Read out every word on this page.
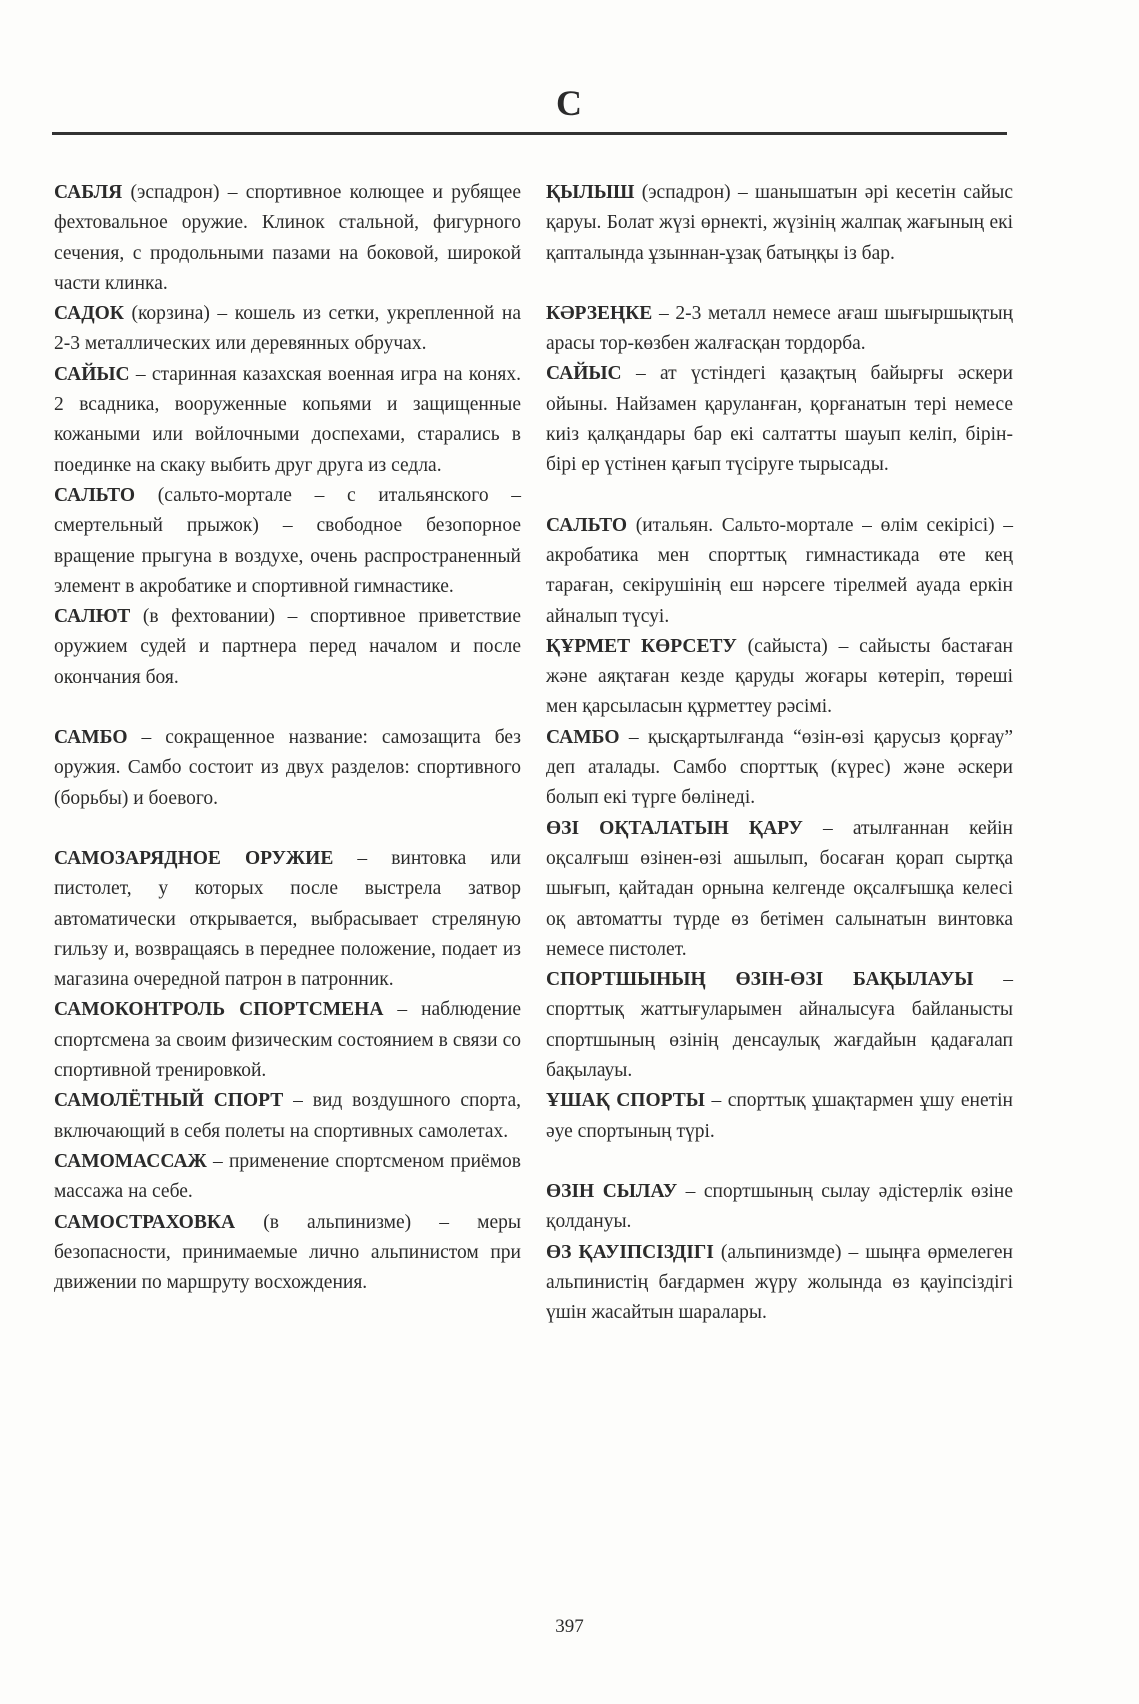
С

САБЛЯ (эспадрон) – спортивное колющее и рубящее фехтовальное оружие. Клинок стальной, фигурного сечения, с продольными пазами на боковой, широкой части клинка.

САДОК (корзина) – кошель из сетки, укрепленной на 2-3 металлических или деревянных обручах.

САЙЫС – старинная казахская военная игра на конях. 2 всадника, вооруженные копьями и защищенные кожаными или войлочными доспехами, старались в поединке на скаку выбить друг друга из седла.

САЛЬТО (сальто-мортале – с итальянского – смертельный прыжок) – свободное безопорное вращение прыгуна в воздухе, очень распространенный элемент в акробатике и спортивной гимнастике.

САЛЮТ (в фехтовании) – спортивное приветствие оружием судей и партнера перед началом и после окончания боя.

САМБО – сокращенное название: самозащита без оружия. Самбо состоит из двух разделов: спортивного (борьбы) и боевого.

САМОЗАРЯДНОЕ ОРУЖИЕ – винтовка или пистолет, у которых после выстрела затвор автоматически открывается, выбрасывает стреляную гильзу и, возвращаясь в переднее положение, подает из магазина очередной патрон в патронник.

САМОКОНТРОЛЬ СПОРТСМЕНА – наблюдение спортсмена за своим физическим состоянием в связи со спортивной тренировкой.

САМОЛЁТНЫЙ СПОРТ – вид воздушного спорта, включающий в себя полеты на спортивных самолетах.

САМОМАССАЖ – применение спортсменом приёмов массажа на себе.

САМОСТРАХОВКА (в альпинизме) – меры безопасности, принимаемые лично альпинистом при движении по маршруту восхождения.

ҚЫЛЫШ (эспадрон) – шанышатын әрі кесетін сайыс қаруы. Болат жүзі өрнекті, жүзінің жалпақ жағының екі қапталында ұзыннан-ұзақ батыңқы із бар.

КӘРЗЕҢКЕ – 2-3 металл немесе ағаш шығыршықтың арасы тор-көзбен жалғасқан тордорба.

САЙЫС – ат үстіндегі қазақтың байырғы әскери ойыны. Найзамен қаруланған, қорғанатын тері немесе киіз қалқандары бар екі салтатты шауып келіп, бірін-бірі ер үстінен қағып түсіруге тырысады.

САЛЬТО (итальян. Сальто-мортале – өлім секірісі) – акробатика мен спорттық гимнастикада өте кең тараған, секірушінің еш нәрсеге тірелмей ауада еркін айналып түсуі.

ҚҰРМЕТ КӨРСЕТУ (сайыста) – сайысты бастаған және аяқтаған кезде қаруды жоғары көтеріп, төреші мен қарсыласын құрметтеу рәсімі.

САМБО – қысқартылғанда “өзін-өзі қарусыз қорғау” деп аталады. Самбо спорттық (күрес) және әскери болып екі түрге бөлінеді.

ӨЗІ ОҚТАЛАТЫН ҚАРУ – атылғаннан кейін оқсалғыш өзінен-өзі ашылып, босаған қорап сыртқа шығып, қайтадан орнына келгенде оқсалғышқа келесі оқ автоматты түрде өз бетімен салынатын винтовка немесе пистолет.

СПОРТШЫНЫҢ ӨЗІН-ӨЗІ БАҚЫЛАУЫ – спорттық жаттығуларымен айналысуға байланысты спортшының өзінің денсаулық жағдайын қадағалап бақылауы.

ҰШАҚ СПОРТЫ – спорттық ұшақтармен ұшу енетін әуе спортының түрі.

ӨЗІН СЫЛАУ – спортшының сылау әдістерлік өзіне қолдануы.

ӨЗ ҚАУІПСІЗДІГІ (альпинизмде) – шыңға өрмелеген альпинистің бағдармен жүру жолында өз қауіпсіздігі үшін жасайтын шаралары.

397
